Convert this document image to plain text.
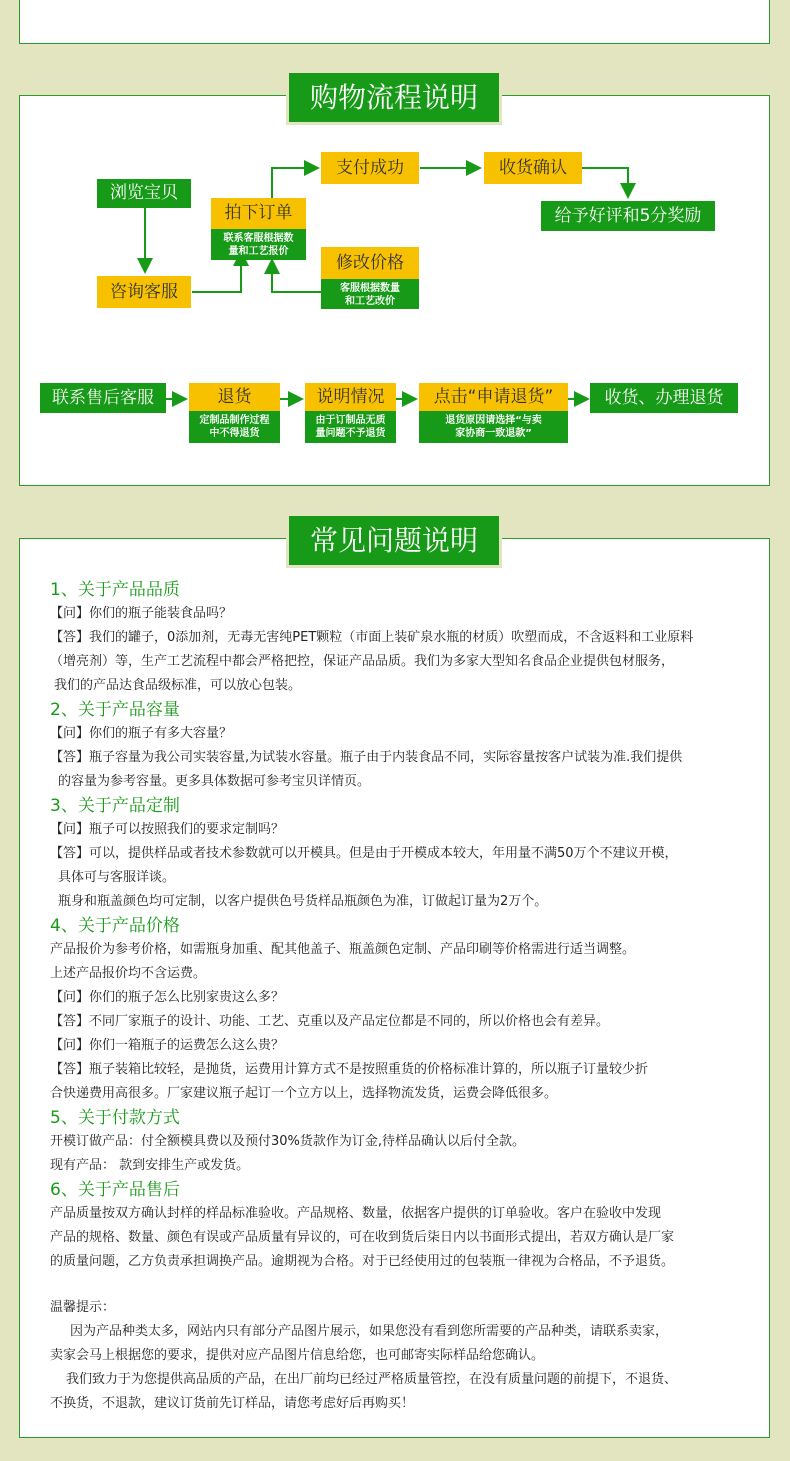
购物流程说明
浏览宝贝
咨询客服
拍下订单
联系客服根据数
量和工艺报价
支付成功
修改价格
客服根据数量
和工艺改价
收货确认
给予好评和5分奖励
联系售后客服	退货
定制品制作过程
中不得退货
说明情况
由于订制品无质
量问题不予退货
点击“申请退货”
退货原因请选择“与卖
家协商一致退款”
收货、办理退货
常见问题说明
1、关于产品品质
【问】你们的瓶子能装食品吗？
【答】我们的罐子，0添加剂，无毒无害纯PET颗粒（市面上装矿泉水瓶的材质）吹塑而成，不含返料和工业原料
（增亮剂）等，生产工艺流程中都会严格把控，保证产品品质。我们为多家大型知名食品企业提供包材服务，
我们的产品达食品级标准，可以放心包装。
2、关于产品容量
【问】你们的瓶子有多大容量？
【答】瓶子容量为我公司实装容量,为试装水容量。瓶子由于内装食品不同，实际容量按客户试装为准.我们提供
的容量为参考容量。更多具体数据可参考宝贝详情页。
3、关于产品定制
【问】瓶子可以按照我们的要求定制吗？
【答】可以，提供样品或者技术参数就可以开模具。但是由于开模成本较大，年用量不满50万个不建议开模，
具体可与客服详谈。
瓶身和瓶盖颜色均可定制，以客户提供色号货样品瓶颜色为准，订做起订量为2万个。
4、关于产品价格
产品报价为参考价格，如需瓶身加重、配其他盖子、瓶盖颜色定制、产品印刷等价格需进行适当调整。
上述产品报价均不含运费。
【问】你们的瓶子怎么比别家贵这么多？
【答】不同厂家瓶子的设计、功能、工艺、克重以及产品定位都是不同的，所以价格也会有差异。
【问】你们一箱瓶子的运费怎么这么贵？
【答】瓶子装箱比较轻，是抛货，运费用计算方式不是按照重货的价格标准计算的，所以瓶子订量较少折
合快递费用高很多。厂家建议瓶子起订一个立方以上，选择物流发货，运费会降低很多。
5、关于付款方式
开模订做产品：付全额模具费以及预付30%货款作为订金,待样品确认以后付全款。
现有产品： 款到安排生产或发货。
6、关于产品售后
产品质量按双方确认封样的样品标准验收。产品规格、数量，依据客户提供的订单验收。客户在验收中发现
产品的规格、数量、颜色有误或产品质量有异议的，可在收到货后柒日内以书面形式提出，若双方确认是厂家
的质量问题，乙方负责承担调换产品。逾期视为合格。对于已经使用过的包装瓶一律视为合格品，不予退货。
温馨提示：
因为产品种类太多，网站内只有部分产品图片展示，如果您没有看到您所需要的产品种类，请联系卖家，
卖家会马上根据您的要求，提供对应产品图片信息给您，也可邮寄实际样品给您确认。
我们致力于为您提供高品质的产品，在出厂前均已经过严格质量管控，在没有质量问题的前提下，不退货、
不换货，不退款，建议订货前先订样品，请您考虑好后再购买！
